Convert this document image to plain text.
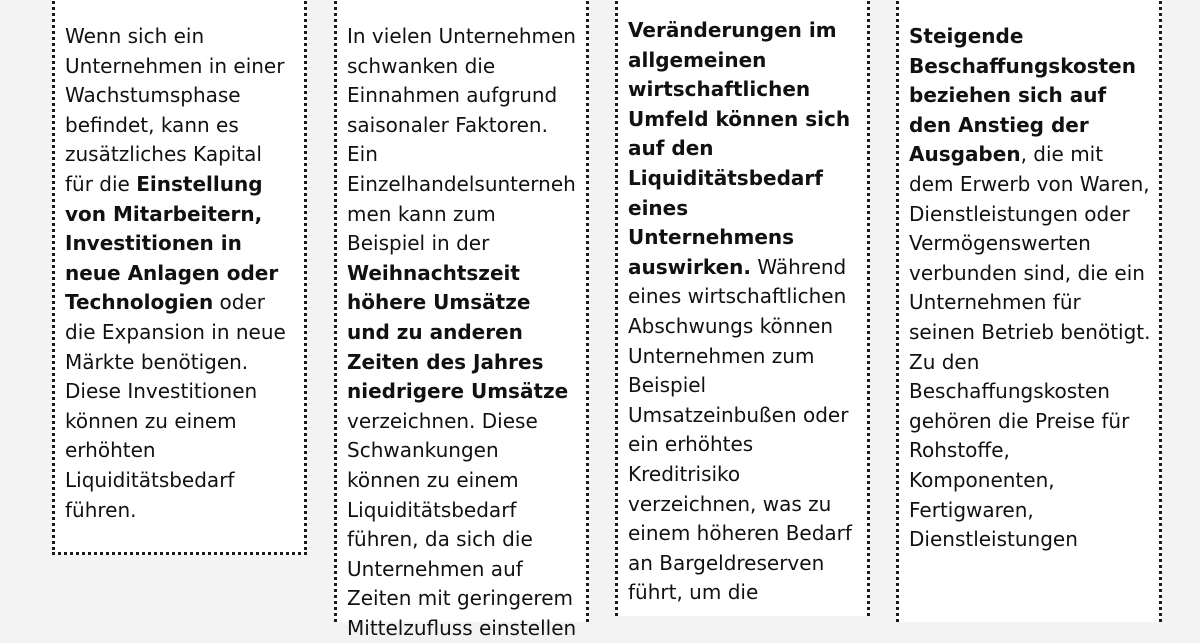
Wenn sich ein Unternehmen in einer Wachstumsphase befindet, kann es zusätzliches Kapital für die Einstellung von Mitarbeitern, Investitionen in neue Anlagen oder Technologien oder die Expansion in neue Märkte benötigen. Diese Investitionen können zu einem erhöhten Liquiditätsbedarf führen.

In vielen Unternehmen schwanken die Einnahmen aufgrund saisonaler Faktoren. Ein Einzelhandelsunternehmen kann zum Beispiel in der Weihnachtszeit höhere Umsätze und zu anderen Zeiten des Jahres niedrigere Umsätze verzeichnen. Diese Schwankungen können zu einem Liquiditätsbedarf führen, da sich die Unternehmen auf Zeiten mit geringerem Mittelzufluss einstellen

Veränderungen im allgemeinen wirtschaftlichen Umfeld können sich auf den Liquiditätsbedarf eines Unternehmens auswirken. Während eines wirtschaftlichen Abschwungs können Unternehmen zum Beispiel Umsatzeinbußen oder ein erhöhtes Kreditrisiko verzeichnen, was zu einem höheren Bedarf an Bargeldreserven führt, um die

Steigende Beschaffungskosten beziehen sich auf den Anstieg der Ausgaben, die mit dem Erwerb von Waren, Dienstleistungen oder Vermögenswerten verbunden sind, die ein Unternehmen für seinen Betrieb benötigt. Zu den Beschaffungskosten gehören die Preise für Rohstoffe, Komponenten, Fertigwaren, Dienstleistungen
